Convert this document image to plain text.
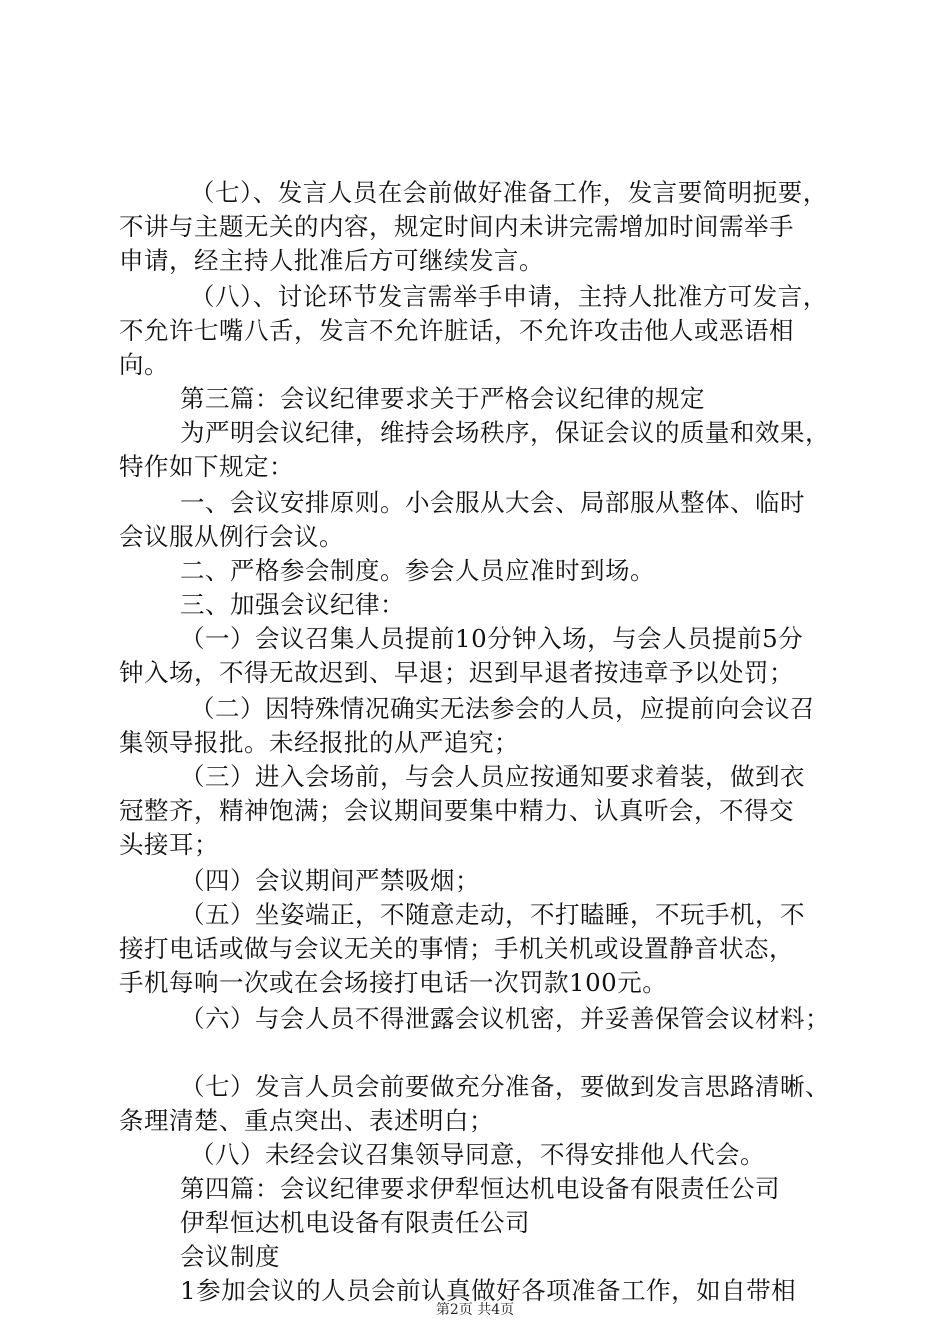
（七）、发言人员在会前做好准备工作，发言要简明扼要，
不讲与主题无关的内容，规定时间内未讲完需增加时间需举手
申请，经主持人批准后方可继续发言。
（八）、讨论环节发言需举手申请，主持人批准方可发言，
不允许七嘴八舌，发言不允许脏话，不允许攻击他人或恶语相
向。
第三篇：会议纪律要求关于严格会议纪律的规定
为严明会议纪律，维持会场秩序，保证会议的质量和效果，
特作如下规定：
一、会议安排原则。小会服从大会、局部服从整体、临时
会议服从例行会议。
二、严格参会制度。参会人员应准时到场。
三、加强会议纪律：
（一）会议召集人员提前10分钟入场，与会人员提前5分
钟入场，不得无故迟到、早退；迟到早退者按违章予以处罚；
（二）因特殊情况确实无法参会的人员，应提前向会议召
集领导报批。未经报批的从严追究；
（三）进入会场前，与会人员应按通知要求着装，做到衣
冠整齐，精神饱满；会议期间要集中精力、认真听会，不得交
头接耳；
（四）会议期间严禁吸烟；
（五）坐姿端正，不随意走动，不打瞌睡，不玩手机，不
接打电话或做与会议无关的事情；手机关机或设置静音状态，
手机每响一次或在会场接打电话一次罚款100元。
（六）与会人员不得泄露会议机密，并妥善保管会议材料；
（七）发言人员会前要做充分准备，要做到发言思路清晰、
条理清楚、重点突出、表述明白；
（八）未经会议召集领导同意，不得安排他人代会。
第四篇：会议纪律要求伊犁恒达机电设备有限责任公司
伊犁恒达机电设备有限责任公司
会议制度
1参加会议的人员会前认真做好各项准备工作，如自带相
第2页 共4页
